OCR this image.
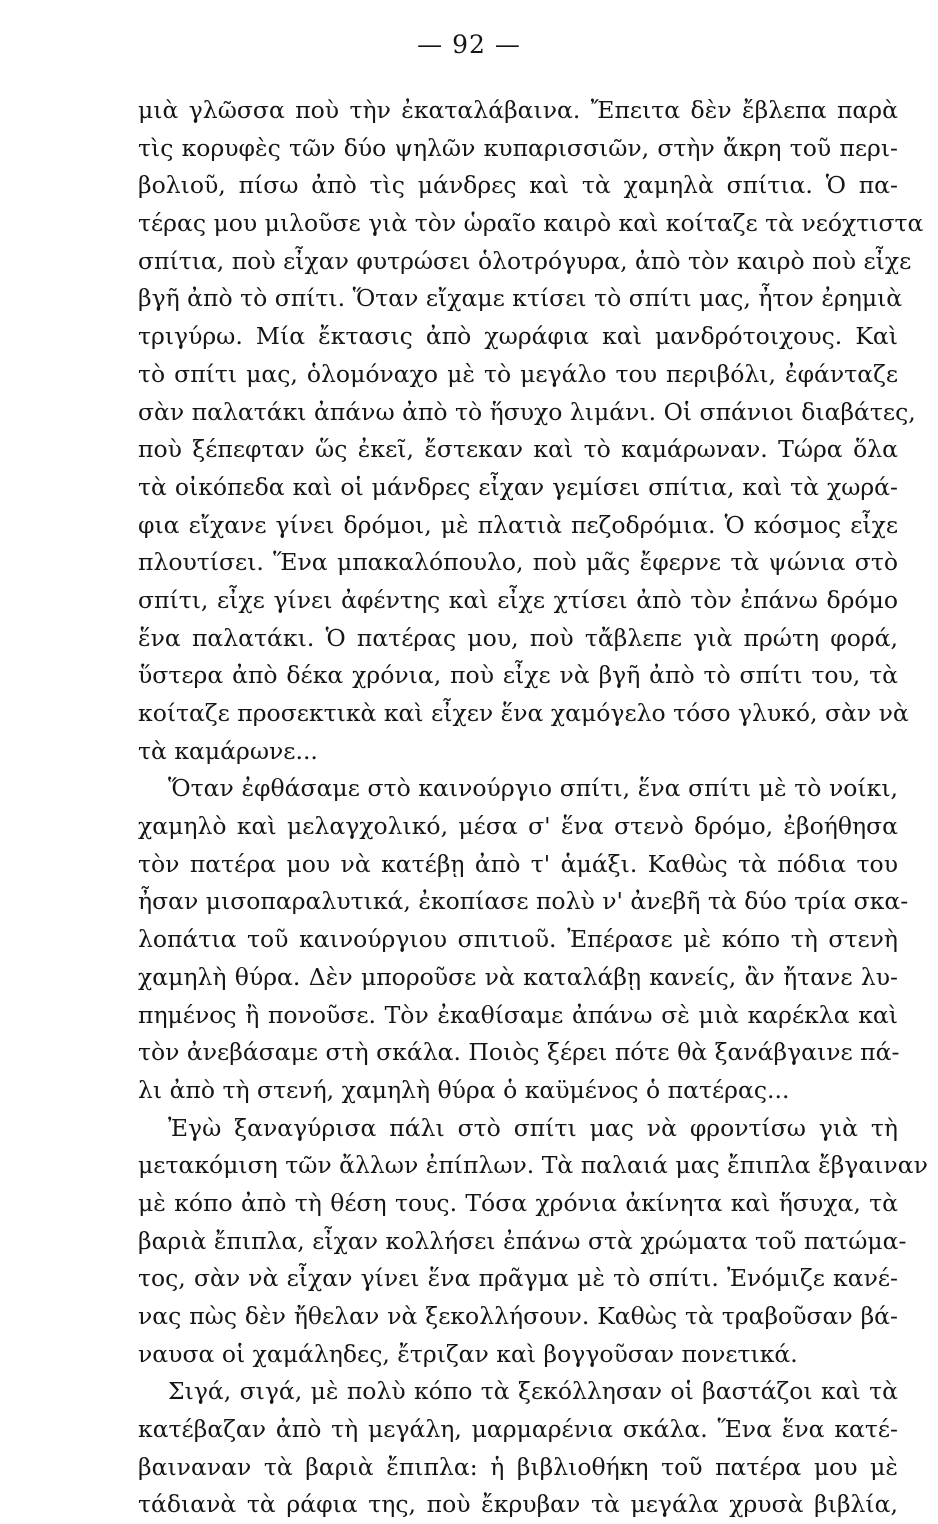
— 92 —
μιὰ γλῶσσα ποὺ τὴν ἐκαταλάβαινα. Ἔπειτα δὲν ἔβλεπα παρὰ
τὶς κορυφὲς τῶν δύο ψηλῶν κυπαρισσιῶν, στὴν ἄκρη τοῦ περι-
βολιοῦ, πίσω ἀπὸ τὶς μάνδρες καὶ τὰ χαμηλὰ σπίτια. Ὁ πα-
τέρας μου μιλοῦσε γιὰ τὸν ὡραῖο καιρὸ καὶ κοίταζε τὰ νεόχτιστα
σπίτια, ποὺ εἶχαν φυτρώσει ὁλοτρόγυρα, ἀπὸ τὸν καιρὸ ποὺ εἶχε
βγῆ ἀπὸ τὸ σπίτι. Ὅταν εἴχαμε κτίσει τὸ σπίτι μας, ἦτον ἐρημιὰ
τριγύρω. Μία ἔκτασις ἀπὸ χωράφια καὶ μανδρότοιχους. Καὶ
τὸ σπίτι μας, ὁλομόναχο μὲ τὸ μεγάλο του περιβόλι, ἐφάνταζε
σὰν παλατάκι ἀπάνω ἀπὸ τὸ ἥσυχο λιμάνι. Οἱ σπάνιοι διαβάτες,
ποὺ ξέπεφταν ὥς ἐκεῖ, ἔστεκαν καὶ τὸ καμάρωναν. Τώρα ὅλα
τὰ οἰκόπεδα καὶ οἱ μάνδρες εἶχαν γεμίσει σπίτια, καὶ τὰ χωρά-
φια εἴχανε γίνει δρόμοι, μὲ πλατιὰ πεζοδρόμια. Ὁ κόσμος εἶχε
πλουτίσει. Ἕνα μπακαλόπουλο, ποὺ μᾶς ἔφερνε τὰ ψώνια στὸ
σπίτι, εἶχε γίνει ἀφέντης καὶ εἶχε χτίσει ἀπὸ τὸν ἐπάνω δρόμο
ἕνα παλατάκι. Ὁ πατέρας μου, ποὺ τἄβλεπε γιὰ πρώτη φορά,
ὕστερα ἀπὸ δέκα χρόνια, ποὺ εἶχε νὰ βγῆ ἀπὸ τὸ σπίτι του, τὰ
κοίταζε προσεκτικὰ καὶ εἶχεν ἕνα χαμόγελο τόσο γλυκό, σὰν νὰ
τὰ καμάρωνε...
Ὅταν ἐφθάσαμε στὸ καινούργιο σπίτι, ἕνα σπίτι μὲ τὸ νοίκι,
χαμηλὸ καὶ μελαγχολικό, μέσα σ' ἕνα στενὸ δρόμο, ἐβοήθησα
τὸν πατέρα μου νὰ κατέβῃ ἀπὸ τ' ἁμάξι. Καθὼς τὰ πόδια του
ἦσαν μισοπαραλυτικά, ἐκοπίασε πολὺ ν' ἀνεβῆ τὰ δύο τρία σκα-
λοπάτια τοῦ καινούργιου σπιτιοῦ. Ἐπέρασε μὲ κόπο τὴ στενὴ
χαμηλὴ θύρα. Δὲν μποροῦσε νὰ καταλάβῃ κανείς, ἂν ἤτανε λυ-
πημένος ἢ πονοῦσε. Τὸν ἐκαθίσαμε ἀπάνω σὲ μιὰ καρέκλα καὶ
τὸν ἀνεβάσαμε στὴ σκάλα. Ποιὸς ξέρει πότε θὰ ξανάβγαινε πά-
λι ἀπὸ τὴ στενή, χαμηλὴ θύρα ὁ καϋμένος ὁ πατέρας...
Ἐγὼ ξαναγύρισα πάλι στὸ σπίτι μας νὰ φροντίσω γιὰ τὴ
μετακόμιση τῶν ἄλλων ἐπίπλων. Τὰ παλαιά μας ἔπιπλα ἔβγαιναν
μὲ κόπο ἀπὸ τὴ θέση τους. Τόσα χρόνια ἀκίνητα καὶ ἥσυχα, τὰ
βαριὰ ἔπιπλα, εἶχαν κολλήσει ἐπάνω στὰ χρώματα τοῦ πατώμα-
τος, σὰν νὰ εἶχαν γίνει ἕνα πρᾶγμα μὲ τὸ σπίτι. Ἐνόμιζε κανέ-
νας πὼς δὲν ἤθελαν νὰ ξεκολλήσουν. Καθὼς τὰ τραβοῦσαν βά-
ναυσα οἱ χαμάληδες, ἔτριζαν καὶ βογγοῦσαν πονετικά.
Σιγά, σιγά, μὲ πολὺ κόπο τὰ ξεκόλλησαν οἱ βαστάζοι καὶ τὰ
κατέβαζαν ἀπὸ τὴ μεγάλη, μαρμαρένια σκάλα. Ἕνα ἕνα κατέ-
βαιναναν τὰ βαριὰ ἔπιπλα: ἡ βιβλιοθήκη τοῦ πατέρα μου μὲ
τάδιανὰ τὰ ράφια της, ποὺ ἔκρυβαν τὰ μεγάλα χρυσὰ βιβλία,
